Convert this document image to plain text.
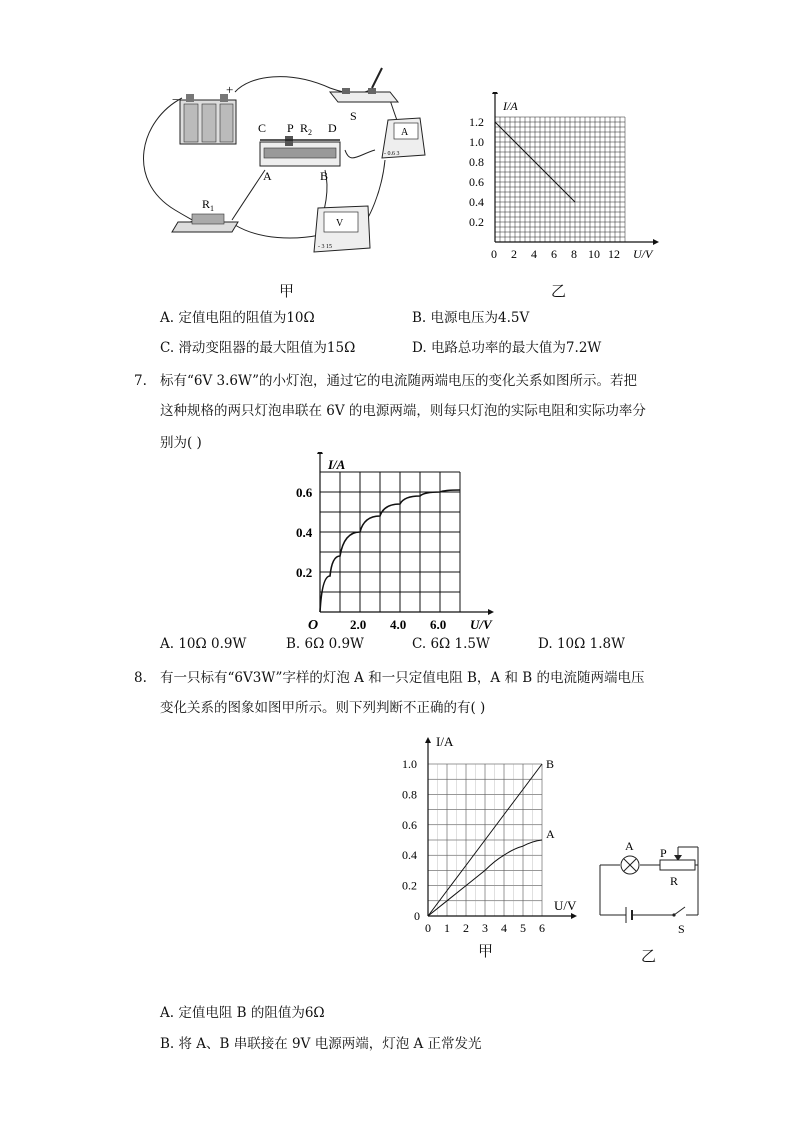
−
+
S
C P $R_2$ D
A	B
A
- 0.6 3
$R_1$
V
- 3 15
甲
1.2
1.0
0.8
0.6
0.4
0.2
0 2 4 6 8 10 12
I/A
U/V
乙
A. 定值电阻的阻值为10Ω	B. 电源电压为4.5V
C. 滑动变阻器的最大阻值为15Ω	D. 电路总功率的最大值为7.2W
7. 标有“6V 3.6W”的小灯泡，通过它的电流随两端电压的变化关系如图所示。若把
这种规格的两只灯泡串联在 6V 的电源两端，则每只灯泡的实际电阻和实际功率分
别为( )
0.6
0.4
0.2
2.0 4.0 6.0
O
I/A
U/V
A. 10Ω 0.9W	B. 6Ω 0.9W	C. 6Ω 1.5W	D. 10Ω 1.8W
8. 有一只标有“6V3W”字样的灯泡 A 和一只定值电阻 B，A 和 B 的电流随两端电压
变化关系的图象如图甲所示。则下列判断不正确的有( )
1.0
0.8
0.6
0.4
0.2
0
0 1 2 3 4 5 6
I/A
U/V
A
B
甲
A P
R
S
乙
A. 定值电阻 B 的阻值为6Ω
B. 将 A、B 串联接在 9V 电源两端，灯泡 A 正常发光
